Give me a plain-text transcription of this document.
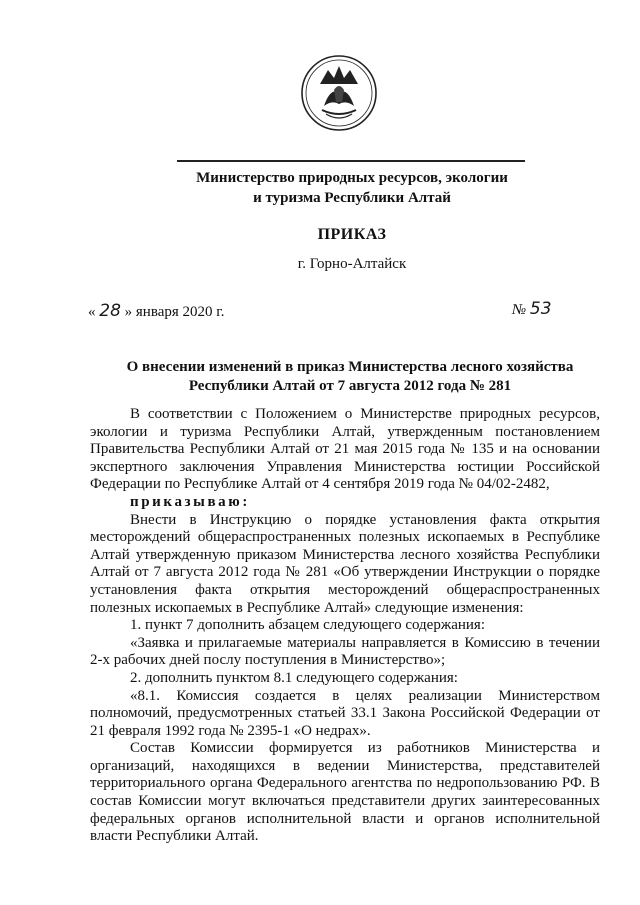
Министерство природных ресурсов, экологии
и туризма Республики Алтай
ПРИКАЗ
г. Горно-Алтайск
« 28 » января 2020 г.	№ 53
О внесении изменений в приказ Министерства лесного хозяйства
Республики Алтай от 7 августа 2012 года № 281

В соответствии с Положением о Министерстве природных ресурсов, экологии и туризма Республики Алтай, утвержденным постановлением Правительства Республики Алтай от 21 мая 2015 года № 135 и на основании экспертного заключения Управления Министерства юстиции Российской Федерации по Республике Алтай от 4 сентября 2019 года № 04/02-2482,

приказываю:

Внести в Инструкцию о порядке установления факта открытия месторождений общераспространенных полезных ископаемых в Республике Алтай утвержденную приказом Министерства лесного хозяйства Республики Алтай от 7 августа 2012 года № 281 «Об утверждении Инструкции о порядке установления факта открытия месторождений общераспространенных полезных ископаемых в Республике Алтай» следующие изменения:

1. пункт 7 дополнить абзацем следующего содержания:

«Заявка и прилагаемые материалы направляется в Комиссию в течении 2-х рабочих дней послу поступления в Министерство»;

2. дополнить пунктом 8.1 следующего содержания:

«8.1. Комиссия создается в целях реализации Министерством полномочий, предусмотренных статьей 33.1 Закона Российской Федерации от 21 февраля 1992 года № 2395-1 «О недрах».

Состав Комиссии формируется из работников Министерства и организаций, находящихся в ведении Министерства, представителей территориального органа Федерального агентства по недропользованию РФ. В состав Комиссии могут включаться представители других заинтересованных федеральных органов исполнительной власти и органов исполнительной власти Республики Алтай.
